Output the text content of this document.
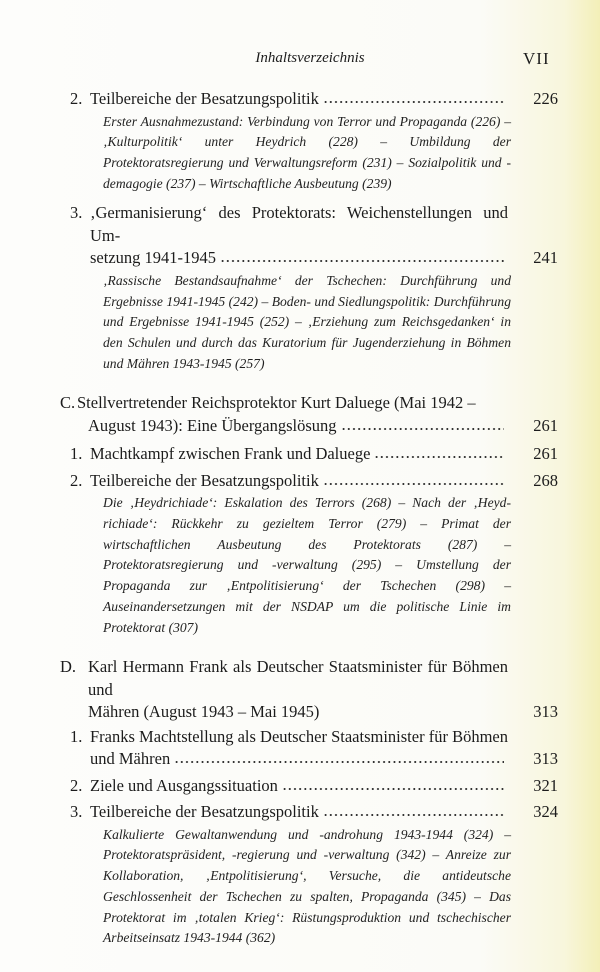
Inhaltsverzeichnis	VII
2. Teilbereiche der Besatzungspolitik	226
Erster Ausnahmezustand: Verbindung von Terror und Propaganda (226) – ‚Kulturpolitik‘ unter Heydrich (228) – Umbildung der Protektoratsregierung und Verwaltungsreform (231) – Sozialpolitik und -demagogie (237) – Wirtschaftliche Ausbeutung (239)
3. ‚Germanisierung‘ des Protektorats: Weichenstellungen und Um-
setzung 1941-1945	241
‚Rassische Bestandsaufnahme‘ der Tschechen: Durchführung und Ergebnisse 1941-1945 (242) – Boden- und Siedlungspolitik: Durchführung und Ergebnisse 1941-1945 (252) – ‚Erziehung zum Reichsgedanken‘ in den Schulen und durch das Kuratorium für Jugenderziehung in Böhmen und Mähren 1943-1945 (257)
C. Stellvertretender Reichsprotektor Kurt Daluege (Mai 1942 –
August 1943): Eine Übergangslösung	261
1. Machtkampf zwischen Frank und Daluege	261
2. Teilbereiche der Besatzungspolitik	268
Die ‚Heydrichiade‘: Eskalation des Terrors (268) – Nach der ‚Heyd-richiade‘: Rückkehr zu gezieltem Terror (279) – Primat der wirtschaftlichen Ausbeutung des Protektorats (287) – Protektoratsregierung und -verwaltung (295) – Umstellung der Propaganda zur ‚Entpolitisierung‘ der Tschechen (298) – Auseinandersetzungen mit der NSDAP um die politische Linie im Protektorat (307)
D. Karl Hermann Frank als Deutscher Staatsminister für Böhmen und
Mähren (August 1943 – Mai 1945)	313
1. Franks Machtstellung als Deutscher Staatsminister für Böhmen
und Mähren	313
2. Ziele und Ausgangssituation	321
3. Teilbereiche der Besatzungspolitik	324
Kalkulierte Gewaltanwendung und -androhung 1943-1944 (324) – Protektoratspräsident, -regierung und -verwaltung (342) – Anreize zur Kollaboration, ‚Entpolitisierung‘, Versuche, die antideutsche Geschlossenheit der Tschechen zu spalten, Propaganda (345) – Das Protektorat im ‚totalen Krieg‘: Rüstungsproduktion und tschechischer Arbeitseinsatz 1943-1944 (362)
